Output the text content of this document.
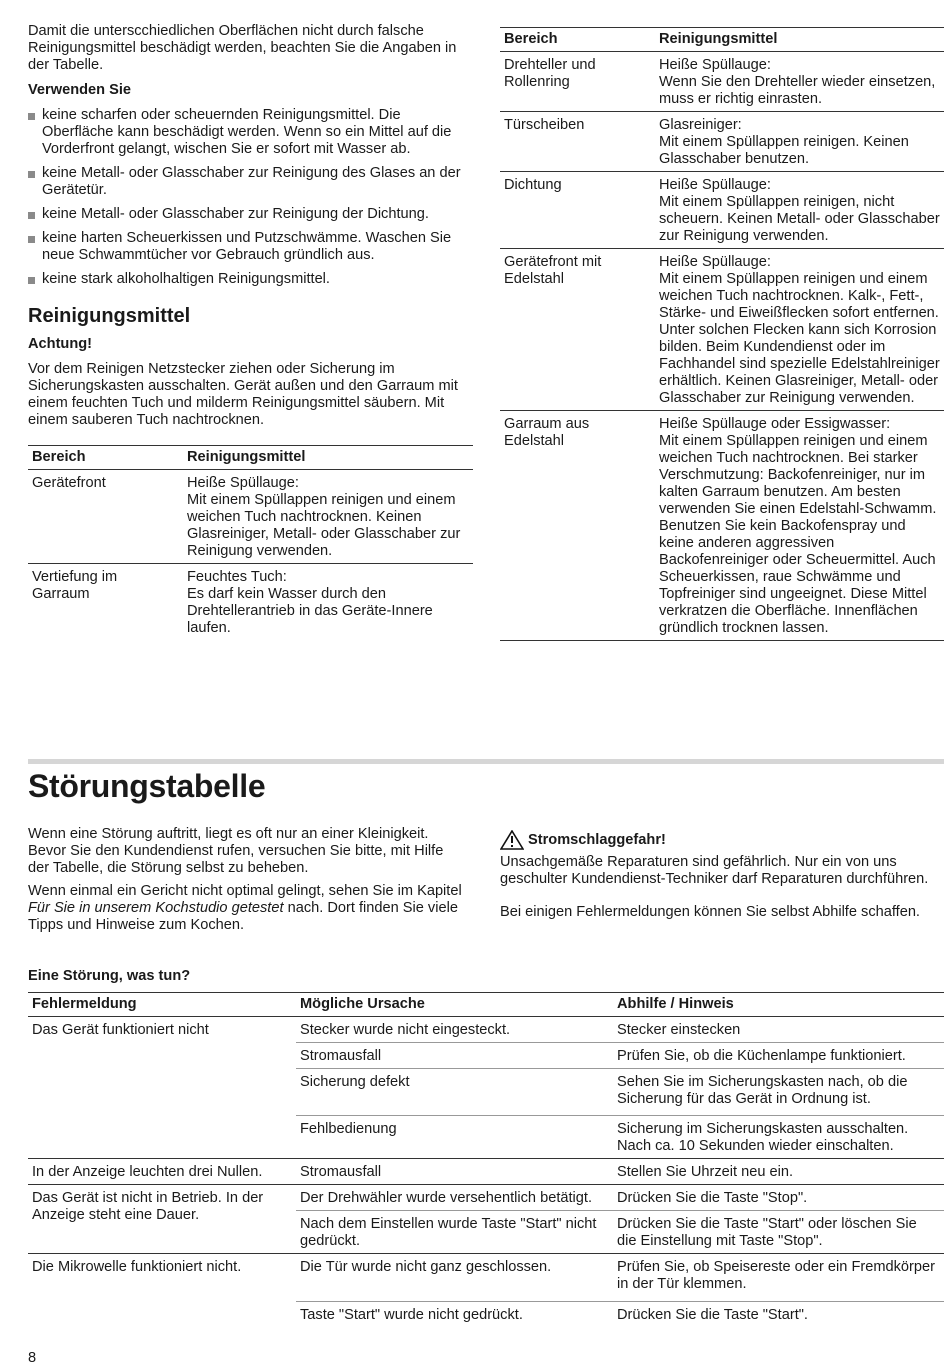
Damit die unterscchiedlichen Oberflächen nicht durch falsche Reinigungsmittel beschädigt werden, beachten Sie die Angaben in der Tabelle.

Verwenden Sie

keine scharfen oder scheuernden Reinigungsmittel. Die Oberfläche kann beschädigt werden. Wenn so ein Mittel auf die Vorderfront gelangt, wischen Sie er sofort mit Wasser ab.
keine Metall- oder Glasschaber zur Reinigung des Glases an der Gerätetür.
keine Metall- oder Glasschaber zur Reinigung der Dichtung.
keine harten Scheuerkissen und Putzschwämme. Waschen Sie neue Schwammtücher vor Gebrauch gründlich aus.
keine stark alkoholhaltigen Reinigungsmittel.
Reinigungsmittel

Achtung!

Vor dem Reinigen Netzstecker ziehen oder Sicherung im Sicherungskasten ausschalten. Gerät außen und den Garraum mit einem feuchten Tuch und milderm Reinigungsmittel säubern. Mit einem sauberen Tuch nachtrocknen.

Bereich	Reinigungsmittel
Gerätefront	Heiße Spüllauge:
Mit einem Spüllappen reinigen und einem weichen Tuch nachtrocknen. Keinen Glasreiniger, Metall- oder Glasschaber zur Reinigung verwenden.

Vertiefung im Garraum	Feuchtes Tuch:
Es darf kein Wasser durch den Drehtellerantrieb in das Geräte-Innere laufen.
Bereich	Reinigungsmittel
Drehteller und Rollenring	Heiße Spüllauge:
Wenn Sie den Drehteller wieder einsetzen, muss er richtig einrasten.

Türscheiben	Glasreiniger:
Mit einem Spüllappen reinigen. Keinen Glasschaber benutzen.

Dichtung	Heiße Spüllauge:
Mit einem Spüllappen reinigen, nicht scheuern. Keinen Metall- oder Glasschaber zur Reinigung verwenden.

Gerätefront mit Edelstahl	Heiße Spüllauge:
Mit einem Spüllappen reinigen und einem weichen Tuch nachtrocknen. Kalk-, Fett-, Stärke- und Eiweißflecken sofort entfernen. Unter solchen Flecken kann sich Korrosion bilden. Beim Kundendienst oder im Fachhandel sind spezielle Edelstahlreiniger erhältlich. Keinen Glasreiniger, Metall- oder Glasschaber zur Reinigung verwenden.

Garraum aus Edelstahl	Heiße Spüllauge oder Essigwasser:
Mit einem Spüllappen reinigen und einem weichen Tuch nachtrocknen. Bei starker Verschmutzung: Backofenreiniger, nur im kalten Garraum benutzen. Am besten verwenden Sie einen Edelstahl-Schwamm. Benutzen Sie kein Backofenspray und keine anderen aggressiven Backofenreiniger oder Scheuermittel. Auch Scheuerkissen, raue Schwämme und Topfreiniger sind ungeeignet. Diese Mittel verkratzen die Oberfläche. Innenflächen gründlich trocknen lassen.
Störungstabelle

Wenn eine Störung auftritt, liegt es oft nur an einer Kleinigkeit. Bevor Sie den Kundendienst rufen, versuchen Sie bitte, mit Hilfe der Tabelle, die Störung selbst zu beheben.

Wenn einmal ein Gericht nicht optimal gelingt, sehen Sie im Kapitel Für Sie in unserem Kochstudio getestet nach. Dort finden Sie viele Tipps und Hinweise zum Kochen.

Stromschlaggefahr!

Unsachgemäße Reparaturen sind gefährlich. Nur ein von uns geschulter Kundendienst-Techniker darf Reparaturen durchführen.

Bei einigen Fehlermeldungen können Sie selbst Abhilfe schaffen.

Eine Störung, was tun?

Fehlermeldung	Mögliche Ursache	Abhilfe / Hinweis
Das Gerät funktioniert nicht	Stecker wurde nicht eingesteckt.	Stecker einstecken
	Stromausfall	Prüfen Sie, ob die Küchenlampe funktioniert.
	Sicherung defekt	Sehen Sie im Sicherungskasten nach, ob die Sicherung für das Gerät in Ordnung ist.
	Fehlbedienung	Sicherung im Sicherungskasten ausschalten. Nach ca. 10 Sekunden wieder einschalten.
In der Anzeige leuchten drei Nullen.	Stromausfall	Stellen Sie Uhrzeit neu ein.
Das Gerät ist nicht in Betrieb. In der Anzeige steht eine Dauer.	Der Drehwähler wurde versehentlich betätigt.	Drücken Sie die Taste "Stop".
	Nach dem Einstellen wurde Taste "Start" nicht gedrückt.	Drücken Sie die Taste "Start" oder löschen Sie die Einstellung mit Taste "Stop".
Die Mikrowelle funktioniert nicht.	Die Tür wurde nicht ganz geschlossen.	Prüfen Sie, ob Speisereste oder ein Fremdkörper in der Tür klemmen.
	Taste "Start" wurde nicht gedrückt.	Drücken Sie die Taste "Start".

8
